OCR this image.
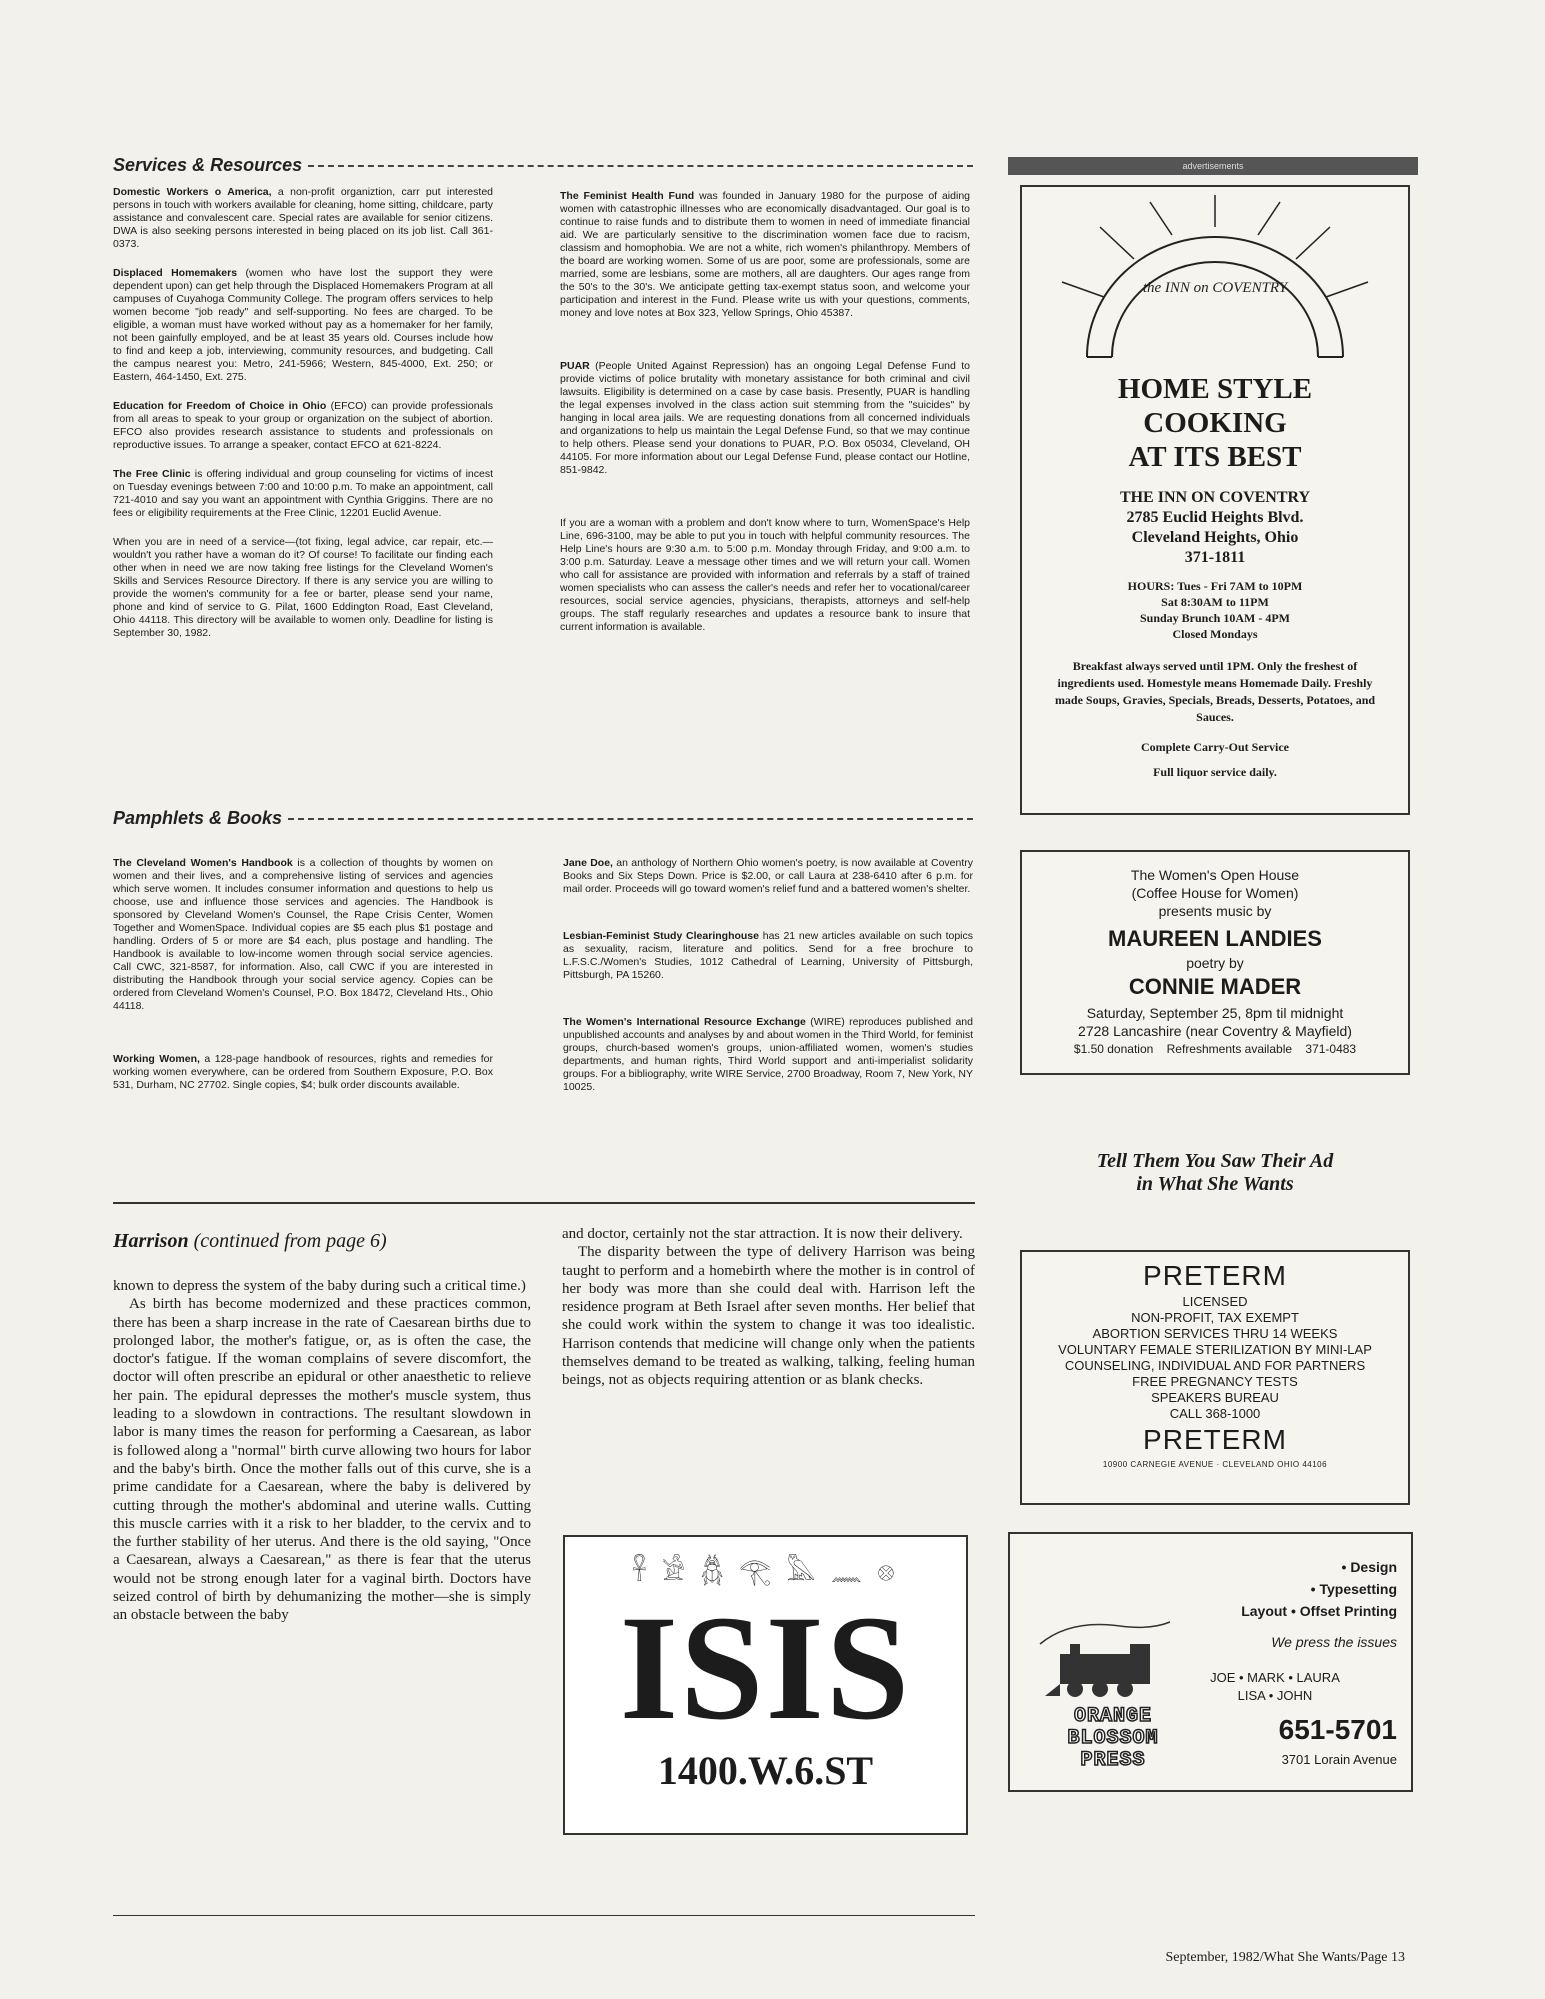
Services & Resources

Domestic Workers o America, a non-profit organiztion, carr put interested persons in touch with workers available for cleaning, home sitting, childcare, party assistance and convalescent care. Special rates are available for senior citizens. DWA is also seeking persons interested in being placed on its job list. Call 361-0373.

Displaced Homemakers (women who have lost the support they were dependent upon) can get help through the Displaced Homemakers Program at all campuses of Cuyahoga Community College. The program offers services to help women become "job ready" and self-supporting. No fees are charged. To be eligible, a woman must have worked without pay as a homemaker for her family, not been gainfully employed, and be at least 35 years old. Courses include how to find and keep a job, interviewing, community resources, and budgeting. Call the campus nearest you: Metro, 241-5966; Western, 845-4000, Ext. 250; or Eastern, 464-1450, Ext. 275.

Education for Freedom of Choice in Ohio (EFCO) can provide professionals from all areas to speak to your group or organization on the subject of abortion. EFCO also provides research assistance to students and professionals on reproductive issues. To arrange a speaker, contact EFCO at 621-8224.

The Free Clinic is offering individual and group counseling for victims of incest on Tuesday evenings between 7:00 and 10:00 p.m. To make an appointment, call 721-4010 and say you want an appointment with Cynthia Griggins. There are no fees or eligibility requirements at the Free Clinic, 12201 Euclid Avenue.

When you are in need of a service—(tot fixing, legal advice, car repair, etc.—wouldn't you rather have a woman do it? Of course! To facilitate our finding each other when in need we are now taking free listings for the Cleveland Women's Skills and Services Resource Directory. If there is any service you are willing to provide the women's community for a fee or barter, please send your name, phone and kind of service to G. Pilat, 1600 Eddington Road, East Cleveland, Ohio 44118. This directory will be available to women only. Deadline for listing is September 30, 1982.

The Feminist Health Fund was founded in January 1980 for the purpose of aiding women with catastrophic illnesses who are economically disadvantaged. Our goal is to continue to raise funds and to distribute them to women in need of immediate financial aid. We are particularly sensitive to the discrimination women face due to racism, classism and homophobia. We are not a white, rich women's philanthropy. Members of the board are working women. Some of us are poor, some are professionals, some are married, some are lesbians, some are mothers, all are daughters. Our ages range from the 50's to the 30's. We anticipate getting tax-exempt status soon, and welcome your participation and interest in the Fund. Please write us with your questions, comments, money and love notes at Box 323, Yellow Springs, Ohio 45387.

PUAR (People United Against Repression) has an ongoing Legal Defense Fund to provide victims of police brutality with monetary assistance for both criminal and civil lawsuits. Eligibility is determined on a case by case basis. Presently, PUAR is handling the legal expenses involved in the class action suit stemming from the "suicides" by hanging in local area jails. We are requesting donations from all concerned individuals and organizations to help us maintain the Legal Defense Fund, so that we may continue to help others. Please send your donations to PUAR, P.O. Box 05034, Cleveland, OH 44105. For more information about our Legal Defense Fund, please contact our Hotline, 851-9842.

If you are a woman with a problem and don't know where to turn, WomenSpace's Help Line, 696-3100, may be able to put you in touch with helpful community resources. The Help Line's hours are 9:30 a.m. to 5:00 p.m. Monday through Friday, and 9:00 a.m. to 3:00 p.m. Saturday. Leave a message other times and we will return your call. Women who call for assistance are provided with information and referrals by a staff of trained women specialists who can assess the caller's needs and refer her to vocational/career resources, social service agencies, physicians, therapists, attorneys and self-help groups. The staff regularly researches and updates a resource bank to insure that current information is available.

Pamphlets & Books

The Cleveland Women's Handbook is a collection of thoughts by women on women and their lives, and a comprehensive listing of services and agencies which serve women. It includes consumer information and questions to help us choose, use and influence those services and agencies. The Handbook is sponsored by Cleveland Women's Counsel, the Rape Crisis Center, Women Together and WomenSpace. Individual copies are $5 each plus $1 postage and handling. Orders of 5 or more are $4 each, plus postage and handling. The Handbook is available to low-income women through social service agencies. Call CWC, 321-8587, for information. Also, call CWC if you are interested in distributing the Handbook through your social service agency. Copies can be ordered from Cleveland Women's Counsel, P.O. Box 18472, Cleveland Hts., Ohio 44118.

Working Women, a 128-page handbook of resources, rights and remedies for working women everywhere, can be ordered from Southern Exposure, P.O. Box 531, Durham, NC 27702. Single copies, $4; bulk order discounts available.

Jane Doe, an anthology of Northern Ohio women's poetry, is now available at Coventry Books and Six Steps Down. Price is $2.00, or call Laura at 238-6410 after 6 p.m. for mail order. Proceeds will go toward women's relief fund and a battered women's shelter.

Lesbian-Feminist Study Clearinghouse has 21 new articles available on such topics as sexuality, racism, literature and politics. Send for a free brochure to L.F.S.C./Women's Studies, 1012 Cathedral of Learning, University of Pittsburgh, Pittsburgh, PA 15260.

The Women's International Resource Exchange (WIRE) reproduces published and unpublished accounts and analyses by and about women in the Third World, for feminist groups, church-based women's groups, union-affiliated women, women's studies departments, and human rights, Third World support and anti-imperialist solidarity groups. For a bibliography, write WIRE Service, 2700 Broadway, Room 7, New York, NY 10025.

Harrison (continued from page 6)

known to depress the system of the baby during such a critical time.)

As birth has become modernized and these practices common, there has been a sharp increase in the rate of Caesarean births due to prolonged labor, the mother's fatigue, or, as is often the case, the doctor's fatigue. If the woman complains of severe discomfort, the doctor will often prescribe an epidural or other anaesthetic to relieve her pain. The epidural depresses the mother's muscle system, thus leading to a slowdown in contractions. The resultant slowdown in labor is many times the reason for performing a Caesarean, as labor is followed along a "normal" birth curve allowing two hours for labor and the baby's birth. Once the mother falls out of this curve, she is a prime candidate for a Caesarean, where the baby is delivered by cutting through the mother's abdominal and uterine walls. Cutting this muscle carries with it a risk to her bladder, to the cervix and to the further stability of her uterus. And there is the old saying, "Once a Caesarean, always a Caesarean," as there is fear that the uterus would not be strong enough later for a vaginal birth. Doctors have seized control of birth by dehumanizing the mother—she is simply an obstacle between the baby

and doctor, certainly not the star attraction. It is now their delivery.

The disparity between the type of delivery Harrison was being taught to perform and a homebirth where the mother is in control of her body was more than she could deal with. Harrison left the residence program at Beth Israel after seven months. Her belief that she could work within the system to change it was too idealistic. Harrison contends that medicine will change only when the patients themselves demand to be treated as walking, talking, feeling human beings, not as objects requiring attention or as blank checks.

advertisements
the INN on COVENTRY
HOME STYLE
COOKING
AT ITS BEST
THE INN ON COVENTRY
2785 Euclid Heights Blvd.
Cleveland Heights, Ohio
371-1811
HOURS: Tues - Fri 7AM to 10PM
Sat 8:30AM to 11PM
Sunday Brunch 10AM - 4PM
Closed Mondays
Breakfast always served until 1PM. Only the freshest of ingredients used. Homestyle means Homemade Daily. Freshly made Soups, Gravies, Specials, Breads, Desserts, Potatoes, and Sauces.
Complete Carry-Out Service
Full liquor service daily.
The Women's Open House
(Coffee House for Women)
presents music by
MAUREEN LANDIES
poetry by
CONNIE MADER
Saturday, September 25, 8pm til midnight
2728 Lancashire (near Coventry & Mayfield)
$1.50 donation Refreshments available 371-0483
Tell Them You Saw Their Ad
in What She Wants
PRETERM
LICENSED
NON-PROFIT, TAX EXEMPT
ABORTION SERVICES THRU 14 WEEKS
VOLUNTARY FEMALE STERILIZATION BY MINI-LAP
COUNSELING, INDIVIDUAL AND FOR PARTNERS
FREE PREGNANCY TESTS
SPEAKERS BUREAU
CALL 368-1000
PRETERM
10900 CARNEGIE AVENUE · CLEVELAND OHIO 44106
𓋹 𓀀 𓆣 𓂀 𓅓 𓈖 𓊖
ISIS
1400.W.6.ST
• Design
• Typesetting
Layout • Offset Printing
We press the issues
JOE • MARK • LAURA
LISA • JOHN
ORANGE
BLOSSOM
PRESS
651-5701
3701 Lorain Avenue
September, 1982/What She Wants/Page 13
